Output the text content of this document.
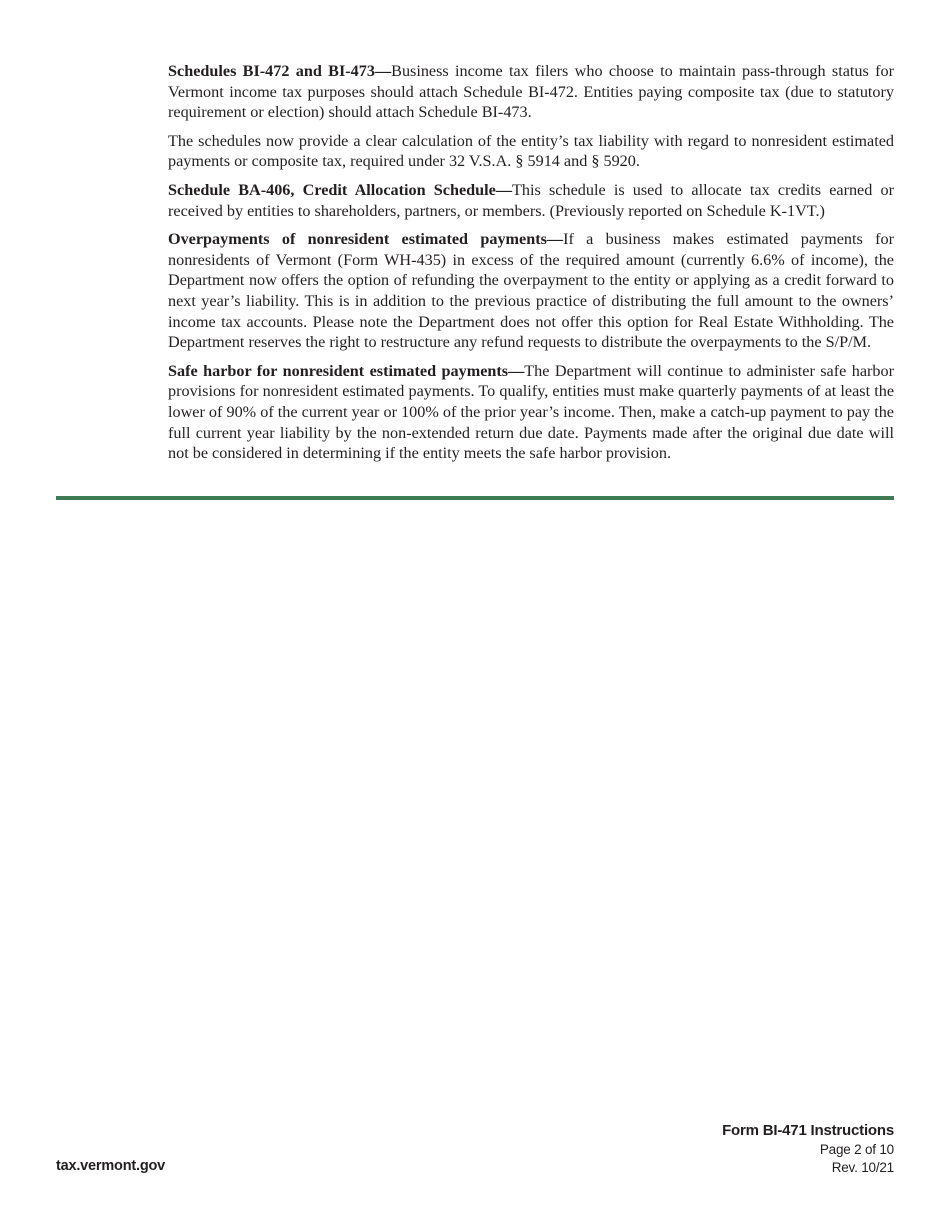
Schedules BI-472 and BI-473—Business income tax filers who choose to maintain pass-through status for Vermont income tax purposes should attach Schedule BI-472. Entities paying composite tax (due to statutory requirement or election) should attach Schedule BI-473.

The schedules now provide a clear calculation of the entity’s tax liability with regard to nonresident estimated payments or composite tax, required under 32 V.S.A. § 5914 and § 5920.

Schedule BA-406, Credit Allocation Schedule—This schedule is used to allocate tax credits earned or received by entities to shareholders, partners, or members. (Previously reported on Schedule K-1VT.)

Overpayments of nonresident estimated payments—If a business makes estimated payments for nonresidents of Vermont (Form WH-435) in excess of the required amount (currently 6.6% of income), the Department now offers the option of refunding the overpayment to the entity or applying as a credit forward to next year’s liability. This is in addition to the previous practice of distributing the full amount to the owners’ income tax accounts. Please note the Department does not offer this option for Real Estate Withholding. The Department reserves the right to restructure any refund requests to distribute the overpayments to the S/P/M.

Safe harbor for nonresident estimated payments—The Department will continue to administer safe harbor provisions for nonresident estimated payments. To qualify, entities must make quarterly payments of at least the lower of 90% of the current year or 100% of the prior year’s income. Then, make a catch-up payment to pay the full current year liability by the non-extended return due date. Payments made after the original due date will not be considered in determining if the entity meets the safe harbor provision.

tax.vermont.gov
Form BI-471 Instructions
Page 2 of 10
Rev. 10/21
